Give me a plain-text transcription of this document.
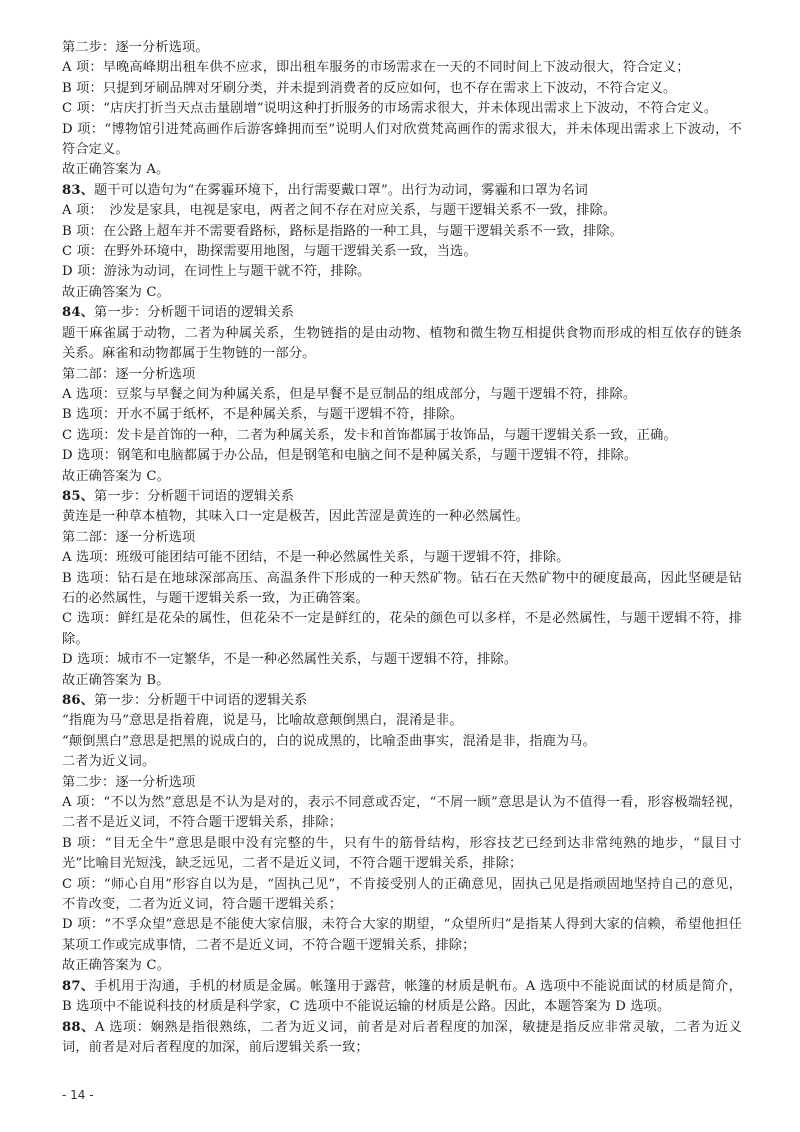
第二步：逐一分析选项。

A 项：早晚高峰期出租车供不应求，即出租车服务的市场需求在一天的不同时间上下波动很大，符合定义；

B 项：只提到牙刷品牌对牙刷分类，并未提到消费者的反应如何，也不存在需求上下波动，不符合定义。

C 项：“店庆打折当天点击量剧增”说明这种打折服务的市场需求很大，并未体现出需求上下波动，不符合定义。

D 项：“博物馆引进梵高画作后游客蜂拥而至”说明人们对欣赏梵高画作的需求很大，并未体现出需求上下波动，不符合定义。

故正确答案为 A。

83、题干可以造句为“在雾霾环境下，出行需要戴口罩”。出行为动词，雾霾和口罩为名词

A 项：　沙发是家具，电视是家电，两者之间不存在对应关系，与题干逻辑关系不一致，排除。

B 项：在公路上超车并不需要看路标，路标是指路的一种工具，与题干逻辑关系不一致，排除。

C 项：在野外环境中，勘探需要用地图，与题干逻辑关系一致，当选。

D 项：游泳为动词，在词性上与题干就不符，排除。

故正确答案为 C。

84、第一步：分析题干词语的逻辑关系

题干麻雀属于动物，二者为种属关系，生物链指的是由动物、植物和微生物互相提供食物而形成的相互依存的链条关系。麻雀和动物都属于生物链的一部分。

第二部：逐一分析选项

A 选项：豆浆与早餐之间为种属关系，但是早餐不是豆制品的组成部分，与题干逻辑不符，排除。

B 选项：开水不属于纸杯，不是种属关系，与题干逻辑不符，排除。

C 选项：发卡是首饰的一种，二者为种属关系，发卡和首饰都属于妆饰品，与题干逻辑关系一致，正确。

D 选项：钢笔和电脑都属于办公品，但是钢笔和电脑之间不是种属关系，与题干逻辑不符，排除。

故正确答案为 C。

85、第一步：分析题干词语的逻辑关系

黄连是一种草本植物，其味入口一定是极苦，因此苦涩是黄连的一种必然属性。

第二部：逐一分析选项

A 选项：班级可能团结可能不团结，不是一种必然属性关系，与题干逻辑不符，排除。

B 选项：钻石是在地球深部高压、高温条件下形成的一种天然矿物。钻石在天然矿物中的硬度最高，因此坚硬是钻石的必然属性，与题干逻辑关系一致，为正确答案。

C 选项：鲜红是花朵的属性，但花朵不一定是鲜红的，花朵的颜色可以多样，不是必然属性，与题干逻辑不符，排除。

D 选项：城市不一定繁华，不是一种必然属性关系，与题干逻辑不符，排除。

故正确答案为 B。

86、第一步：分析题干中词语的逻辑关系

“指鹿为马”意思是指着鹿，说是马，比喻故意颠倒黑白，混淆是非。

“颠倒黑白”意思是把黑的说成白的，白的说成黑的，比喻歪曲事实，混淆是非，指鹿为马。

二者为近义词。

第二步：逐一分析选项

A 项：“不以为然”意思是不认为是对的，表示不同意或否定，“不屑一顾”意思是认为不值得一看，形容极端轻视，二者不是近义词，不符合题干逻辑关系，排除；

B 项：“目无全牛”意思是眼中没有完整的牛，只有牛的筋骨结构，形容技艺已经到达非常纯熟的地步，“鼠目寸光”比喻目光短浅，缺乏远见，二者不是近义词，不符合题干逻辑关系，排除；

C 项：“师心自用”形容自以为是，“固执己见”，不肯接受别人的正确意见，固执己见是指顽固地坚持自己的意见，不肯改变，二者为近义词，符合题干逻辑关系；

D 项：“不孚众望”意思是不能使大家信服，未符合大家的期望，“众望所归”是指某人得到大家的信赖，希望他担任某项工作或完成事情，二者不是近义词，不符合题干逻辑关系，排除；

故正确答案为 C。

87、手机用于沟通，手机的材质是金属。帐篷用于露营，帐篷的材质是帆布。A 选项中不能说面试的材质是简介，B 选项中不能说科技的材质是科学家，C 选项中不能说运输的材质是公路。因此，本题答案为 D 选项。

88、A 选项：娴熟是指很熟练，二者为近义词，前者是对后者程度的加深，敏捷是指反应非常灵敏，二者为近义词，前者是对后者程度的加深，前后逻辑关系一致；

- 14 -
